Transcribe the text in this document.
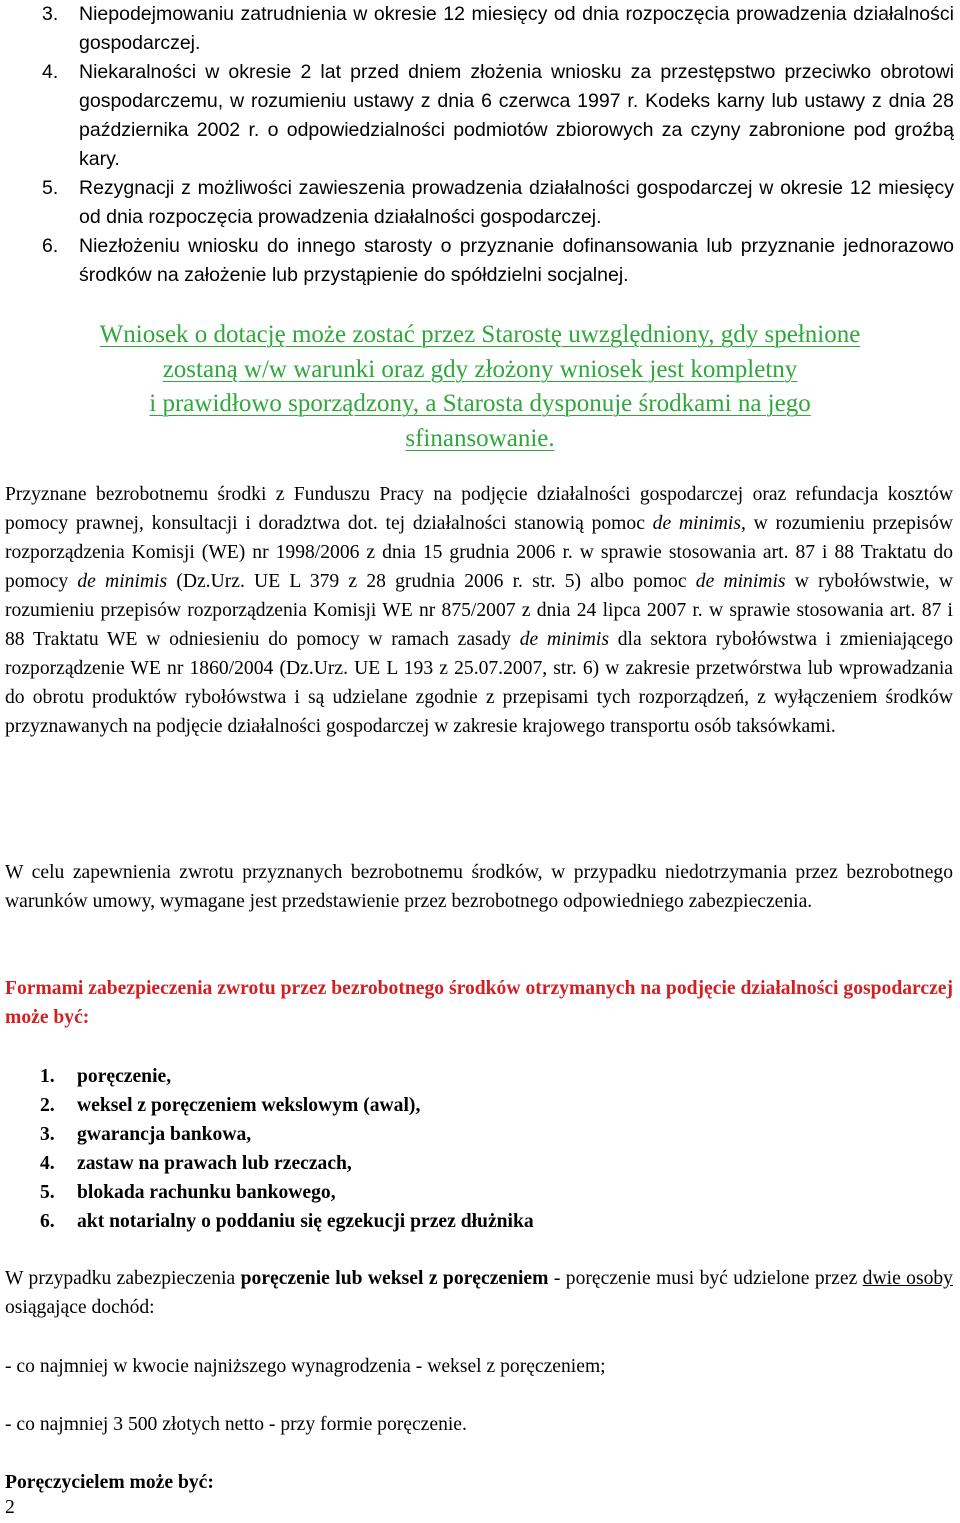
3. Niepodejmowaniu zatrudnienia w okresie 12 miesięcy od dnia rozpoczęcia prowadzenia działalności gospodarczej.
4. Niekaralności w okresie 2 lat przed dniem złożenia wniosku za przestępstwo przeciwko obrotowi gospodarczemu, w rozumieniu ustawy z dnia 6 czerwca 1997 r. Kodeks karny lub ustawy z dnia 28 października 2002 r. o odpowiedzialności podmiotów zbiorowych za czyny zabronione pod groźbą kary.
5. Rezygnacji z możliwości zawieszenia prowadzenia działalności gospodarczej w okresie 12 miesięcy od dnia rozpoczęcia prowadzenia działalności gospodarczej.
6. Niezłożeniu wniosku do innego starosty o przyznanie dofinansowania lub przyznanie jednorazowo środków na założenie lub przystąpienie do spółdzielni socjalnej.
Wniosek o dotację może zostać przez Starostę uwzględniony, gdy spełnione
zostaną w/w warunki oraz gdy złożony wniosek jest kompletny
i prawidłowo sporządzony, a Starosta dysponuje środkami na jego
sfinansowanie.

Przyznane bezrobotnemu środki z Funduszu Pracy na podjęcie działalności gospodarczej oraz refundacja kosztów pomocy prawnej, konsultacji i doradztwa dot. tej działalności stanowią pomoc de minimis, w rozumieniu przepisów rozporządzenia Komisji (WE) nr 1998/2006 z dnia 15 grudnia 2006 r. w sprawie stosowania art. 87 i 88 Traktatu do pomocy de minimis (Dz.Urz. UE L 379 z 28 grudnia 2006 r. str. 5) albo pomoc de minimis w rybołówstwie, w rozumieniu przepisów rozporządzenia Komisji WE nr 875/2007 z dnia 24 lipca 2007 r. w sprawie stosowania art. 87 i 88 Traktatu WE w odniesieniu do pomocy w ramach zasady de minimis dla sektora rybołówstwa i zmieniającego rozporządzenie WE nr 1860/2004 (Dz.Urz. UE L 193 z 25.07.2007, str. 6) w zakresie przetwórstwa lub wprowadzania do obrotu produktów rybołówstwa i są udzielane zgodnie z przepisami tych rozporządzeń, z wyłączeniem środków przyznawanych na podjęcie działalności gospodarczej w zakresie krajowego transportu osób taksówkami.

W celu zapewnienia zwrotu przyznanych bezrobotnemu środków, w przypadku niedotrzymania przez bezrobotnego warunków umowy, wymagane jest przedstawienie przez bezrobotnego odpowiedniego zabezpieczenia.

Formami zabezpieczenia zwrotu przez bezrobotnego środków otrzymanych na podjęcie działalności gospodarczej może być:

1. poręczenie,
2. weksel z poręczeniem wekslowym (awal),
3. gwarancja bankowa,
4. zastaw na prawach lub rzeczach,
5. blokada rachunku bankowego,
6. akt notarialny o poddaniu się egzekucji przez dłużnika

W przypadku zabezpieczenia poręczenie lub weksel z poręczeniem - poręczenie musi być udzielone przez dwie osoby osiągające dochód:

- co najmniej w kwocie najniższego wynagrodzenia - weksel z poręczeniem;

- co najmniej 3 500 złotych netto - przy formie poręczenie.

Poręczycielem może być:

2
